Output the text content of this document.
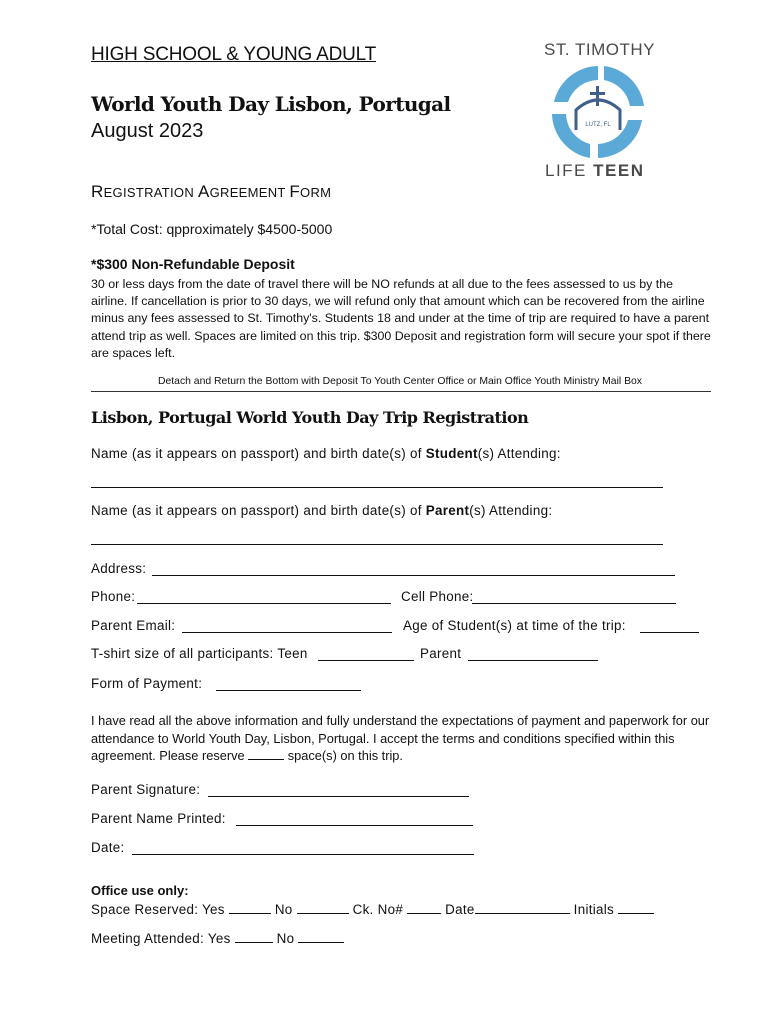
HIGH SCHOOL & YOUNG ADULT
World Youth Day Lisbon, Portugal
August 2023
ST. TIMOTHY
LUTZ, FL
LIFE TEEN
REGISTRATION AGREEMENT FORM
*Total Cost: qpproximately $4500-5000
*$300 Non-Refundable Deposit
30 or less days from the date of travel there will be NO refunds at all due to the fees assessed to us by the airline. If cancellation is prior to 30 days, we will refund only that amount which can be recovered from the airline minus any fees assessed to St. Timothy's. Students 18 and under at the time of trip are required to have a parent attend trip as well. Spaces are limited on this trip. $300 Deposit and registration form will secure your spot if there are spaces left.
Detach and Return the Bottom with Deposit To Youth Center Office or Main Office Youth Ministry Mail Box
Lisbon, Portugal World Youth Day Trip Registration
Name (as it appears on passport) and birth date(s) of Student(s) Attending:
Name (as it appears on passport) and birth date(s) of Parent(s) Attending:
Address:
Phone:	Cell Phone:
Parent Email:	Age of Student(s) at time of the trip:
T-shirt size of all participants: Teen	Parent
Form of Payment:
I have read all the above information and fully understand the expectations of payment and paperwork for our attendance to World Youth Day, Lisbon, Portugal. I accept the terms and conditions specified within this agreement. Please reserve	space(s) on this trip.
Parent Signature:
Parent Name Printed:
Date:
Office use only:
Space Reserved: Yes	No	Ck. No#	Date	Initials
Meeting Attended: Yes	No
